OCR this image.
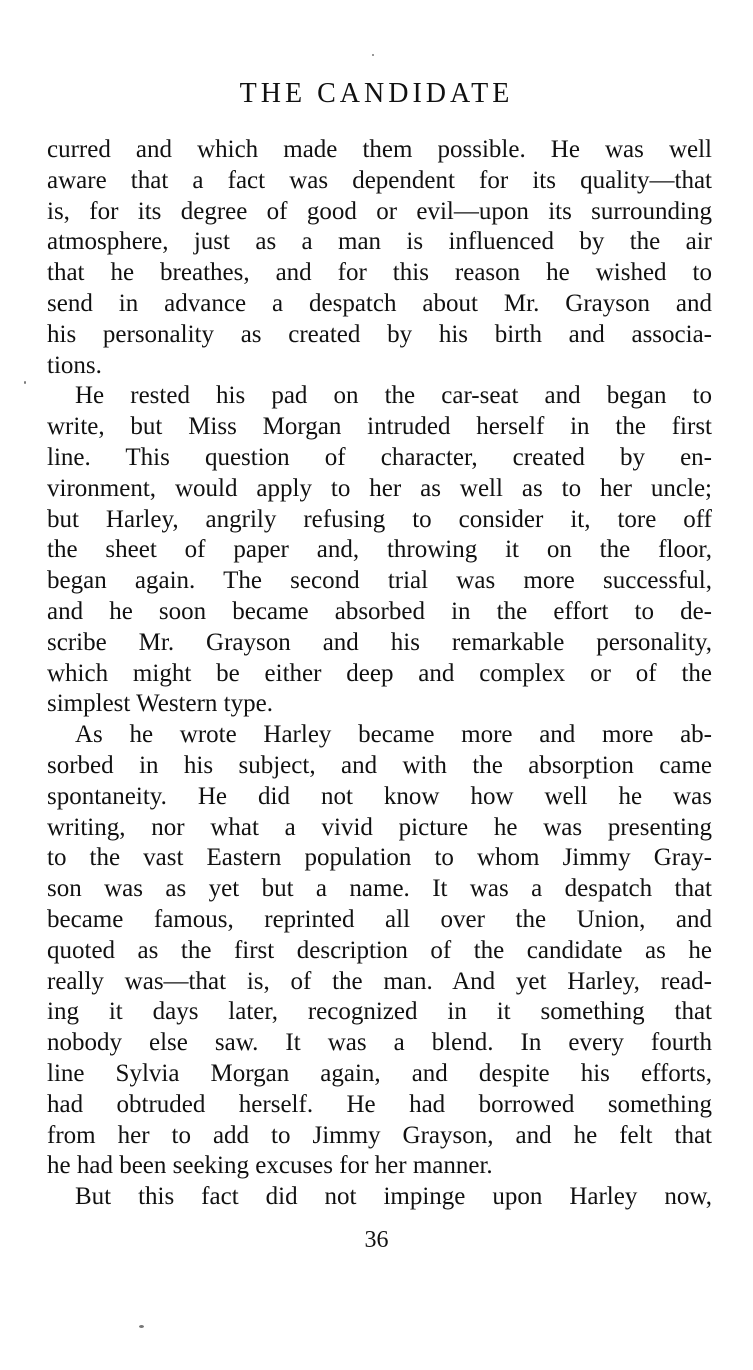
THE CANDIDATE
curred and which made them possible. He was well
aware that a fact was dependent for its quality—that
is, for its degree of good or evil—upon its surrounding
atmosphere, just as a man is influenced by the air
that he breathes, and for this reason he wished to
send in advance a despatch about Mr. Grayson and
his personality as created by his birth and associa-
tions.
He rested his pad on the car-seat and began to
write, but Miss Morgan intruded herself in the first
line. This question of character, created by en-
vironment, would apply to her as well as to her uncle;
but Harley, angrily refusing to consider it, tore off
the sheet of paper and, throwing it on the floor,
began again. The second trial was more successful,
and he soon became absorbed in the effort to de-
scribe Mr. Grayson and his remarkable personality,
which might be either deep and complex or of the
simplest Western type.
As he wrote Harley became more and more ab-
sorbed in his subject, and with the absorption came
spontaneity. He did not know how well he was
writing, nor what a vivid picture he was presenting
to the vast Eastern population to whom Jimmy Gray-
son was as yet but a name. It was a despatch that
became famous, reprinted all over the Union, and
quoted as the first description of the candidate as he
really was—that is, of the man. And yet Harley, read-
ing it days later, recognized in it something that
nobody else saw. It was a blend. In every fourth
line Sylvia Morgan again, and despite his efforts,
had obtruded herself. He had borrowed something
from her to add to Jimmy Grayson, and he felt that
he had been seeking excuses for her manner.
But this fact did not impinge upon Harley now,
36
